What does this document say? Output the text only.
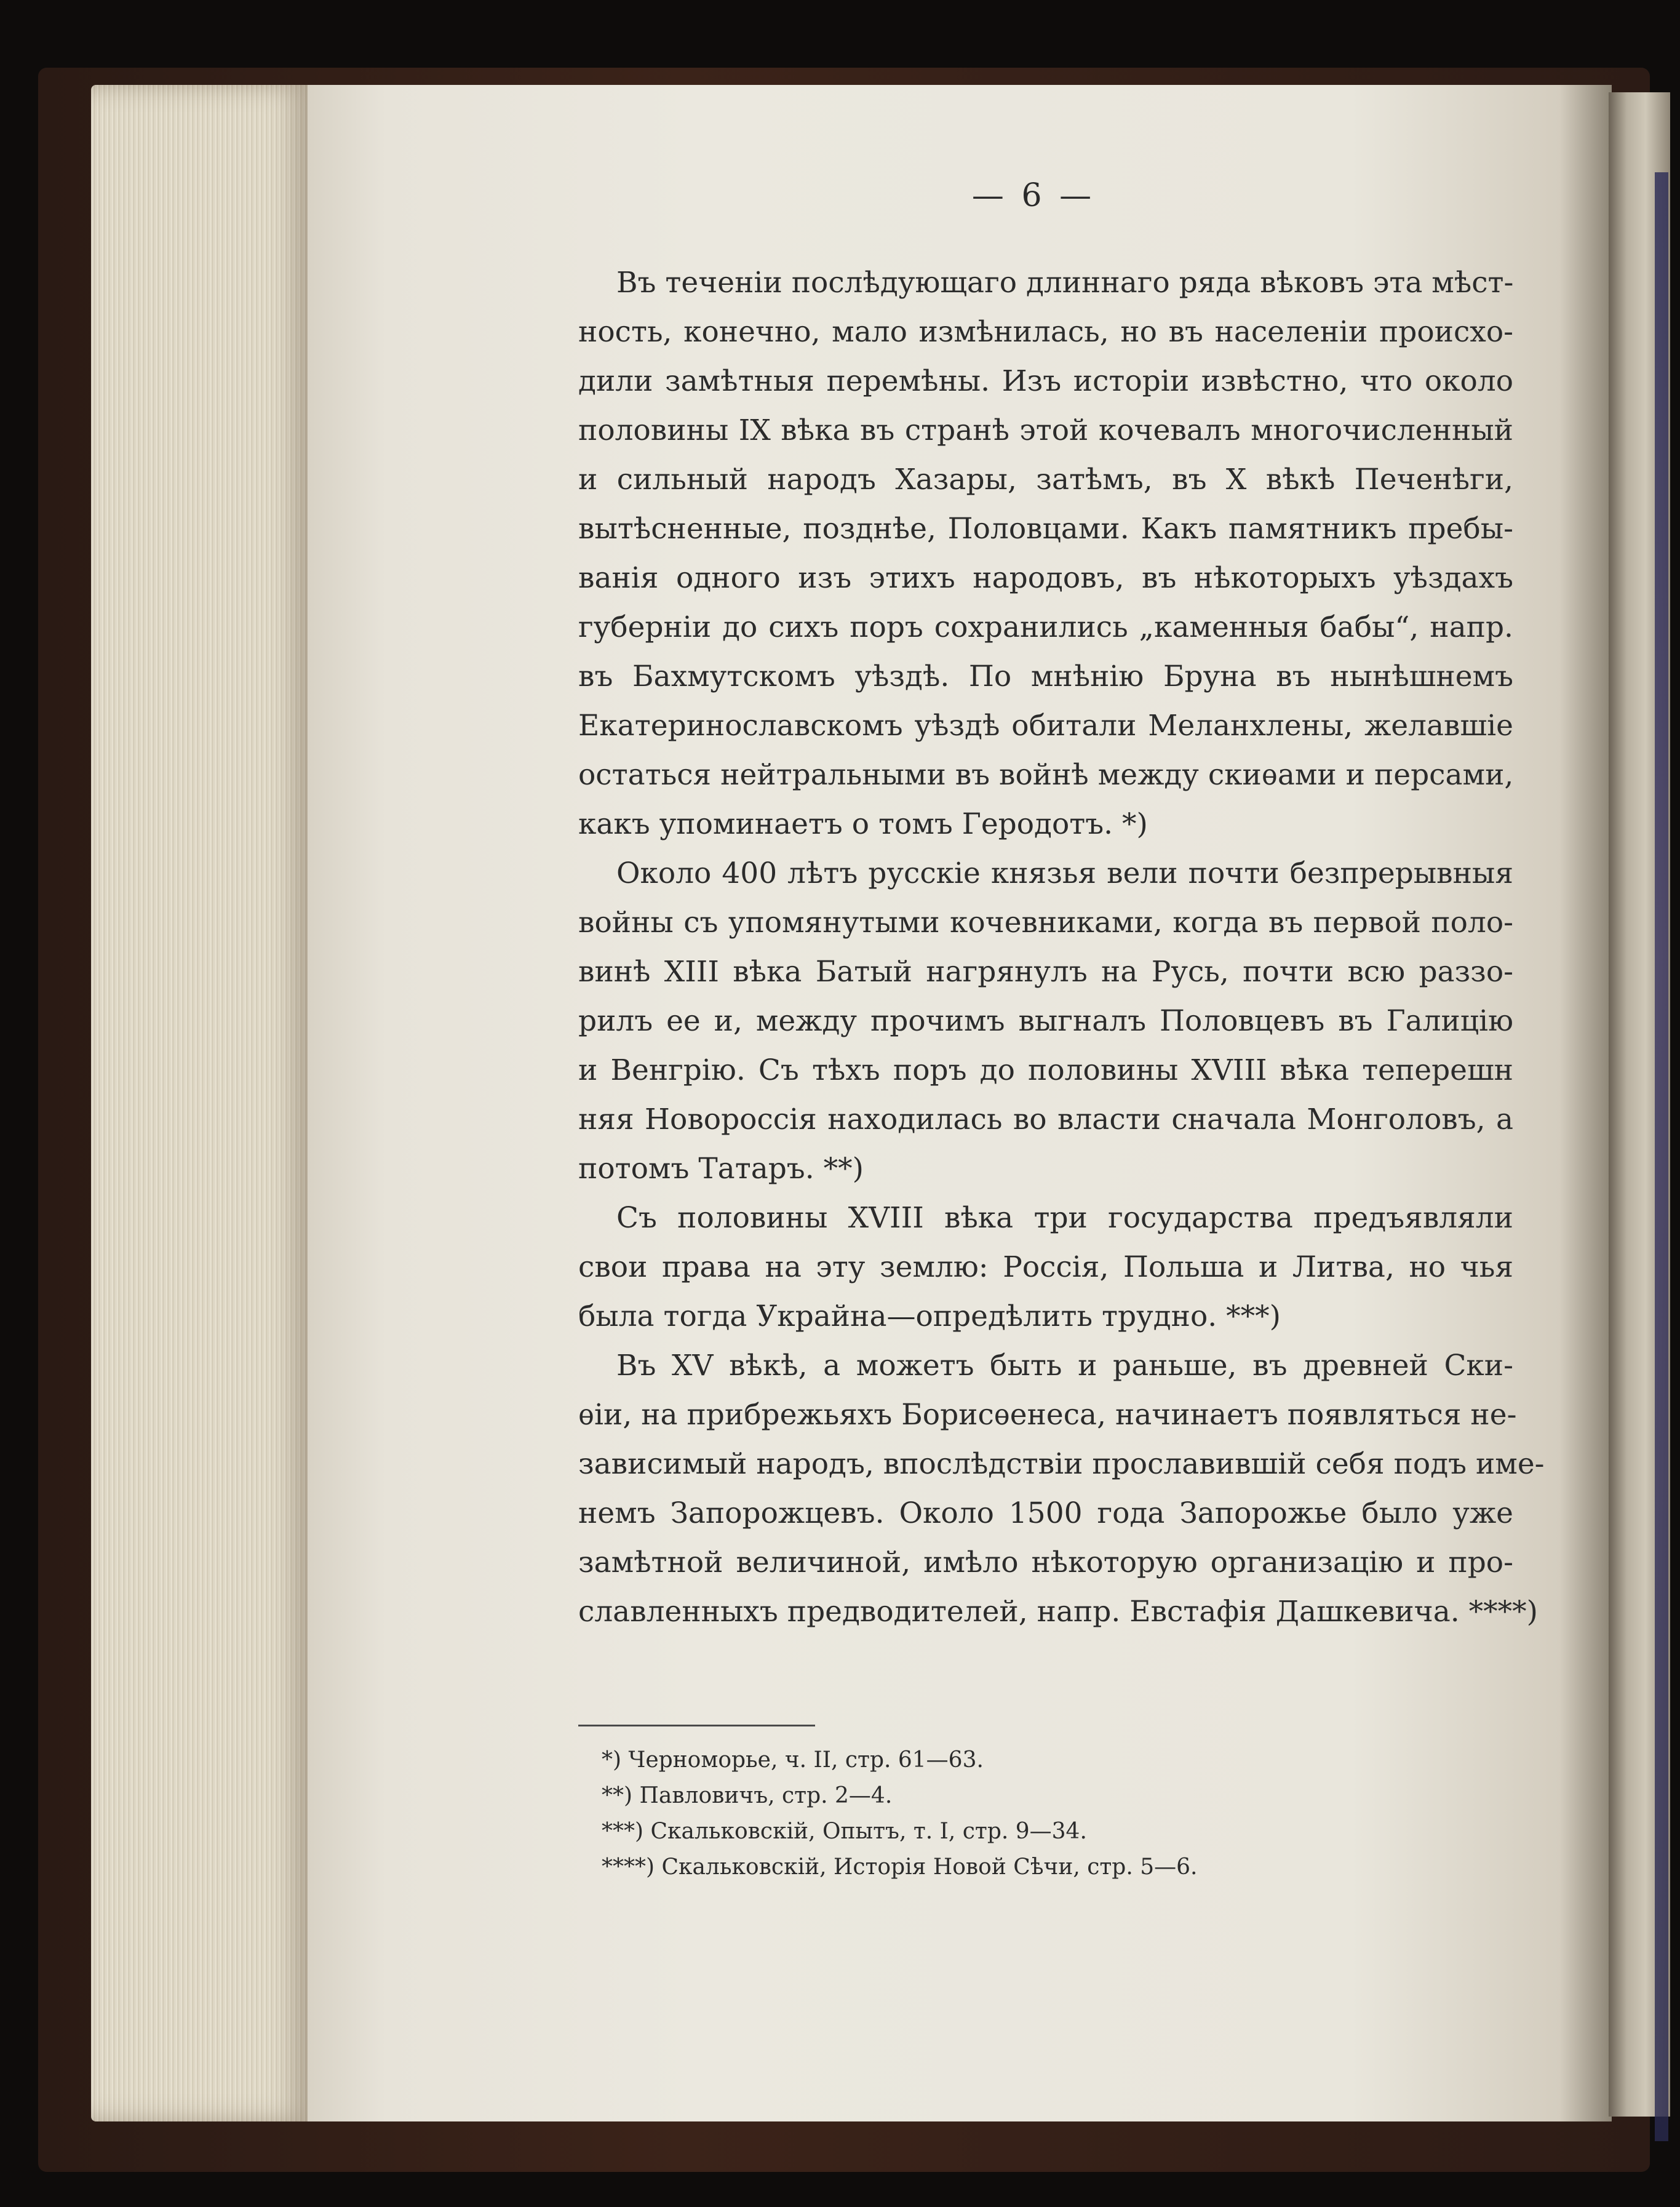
— 6 —
Въ теченіи послѣдующаго длиннаго ряда вѣковъ эта мѣст-
ность, конечно, мало измѣнилась, но въ населеніи происхо-
дили замѣтныя перемѣны. Изъ исторіи извѣстно, что около
половины IX вѣка въ странѣ этой кочевалъ многочисленный
и сильный народъ Хазары, затѣмъ, въ X вѣкѣ Печенѣги,
вытѣсненные, позднѣе, Половцами. Какъ памятникъ пребы-
ванія одного изъ этихъ народовъ, въ нѣкоторыхъ уѣздахъ
губерніи до сихъ поръ сохранились „каменныя бабы“, напр.
въ Бахмутскомъ уѣздѣ. По мнѣнію Бруна въ нынѣшнемъ
Екатеринославскомъ уѣздѣ обитали Меланхлены, желавшіе
остаться нейтральными въ войнѣ между скиѳами и персами,
какъ упоминаетъ о томъ Геродотъ. *)
Около 400 лѣтъ русскіе князья вели почти безпрерывныя
войны съ упомянутыми кочевниками, когда въ первой поло-
винѣ XIII вѣка Батый нагрянулъ на Русь, почти всю раззо-
рилъ ее и, между прочимъ выгналъ Половцевъ въ Галицію
и Венгрію. Съ тѣхъ поръ до половины XVIII вѣка теперешн
няя Новороссія находилась во власти сначала Монголовъ, а
потомъ Татаръ. **)
Съ половины XVIII вѣка три государства предъявляли
свои права на эту землю: Россія, Польша и Литва, но чья
была тогда Украйна—опредѣлить трудно. ***)
Въ XV вѣкѣ, а можетъ быть и раньше, въ древней Ски-
ѳіи, на прибрежьяхъ Борисѳенеса, начинаетъ появляться не-
зависимый народъ, впослѣдствіи прославившій себя подъ име-
немъ Запорожцевъ. Около 1500 года Запорожье было уже
замѣтной величиной, имѣло нѣкоторую организацію и про-
славленныхъ предводителей, напр. Евстафія Дашкевича. ****)
*) Черноморье, ч. II, стр. 61—63.
**) Павловичъ, стр. 2—4.
***) Скальковскій, Опытъ, т. I, стр. 9—34.
****) Скальковскій, Исторія Новой Сѣчи, стр. 5—6.
